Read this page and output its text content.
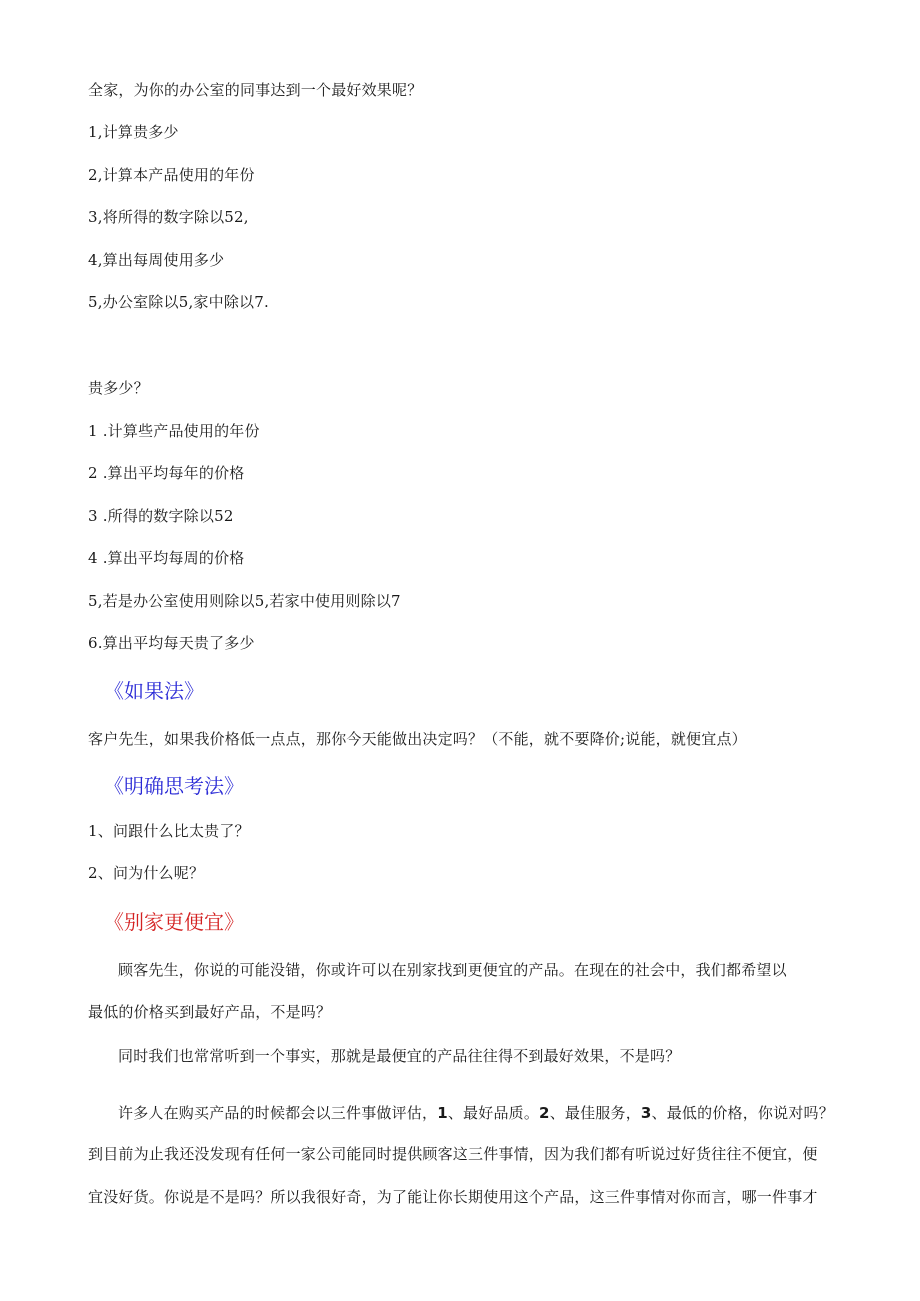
全家，为你的办公室的同事达到一个最好效果呢？
1,计算贵多少
2,计算本产品使用的年份
3,将所得的数字除以52,
4,算出每周使用多少
5,办公室除以5,家中除以7.
贵多少？
1 .计算些产品使用的年份
2 .算出平均每年的价格
3 .所得的数字除以52
4 .算出平均每周的价格
5,若是办公室使用则除以5,若家中使用则除以7
6.算出平均每天贵了多少
《如果法》
客户先生，如果我价格低一点点，那你今天能做出决定吗？（不能，就不要降价;说能，就便宜点）
《明确思考法》
1、问跟什么比太贵了？
2、问为什么呢？
《别家更便宜》
顾客先生，你说的可能没错，你或许可以在别家找到更便宜的产品。在现在的社会中，我们都希望以
最低的价格买到最好产品，不是吗？
同时我们也常常听到一个事实，那就是最便宜的产品往往得不到最好效果，不是吗？
许多人在购买产品的时候都会以三件事做评估，1、最好品质。2、最佳服务，3、最低的价格，你说对吗？
到目前为止我还没发现有任何一家公司能同时提供顾客这三件事情，因为我们都有听说过好货往往不便宜，便
宜没好货。你说是不是吗？所以我很好奇，为了能让你长期使用这个产品，这三件事情对你而言，哪一件事才
